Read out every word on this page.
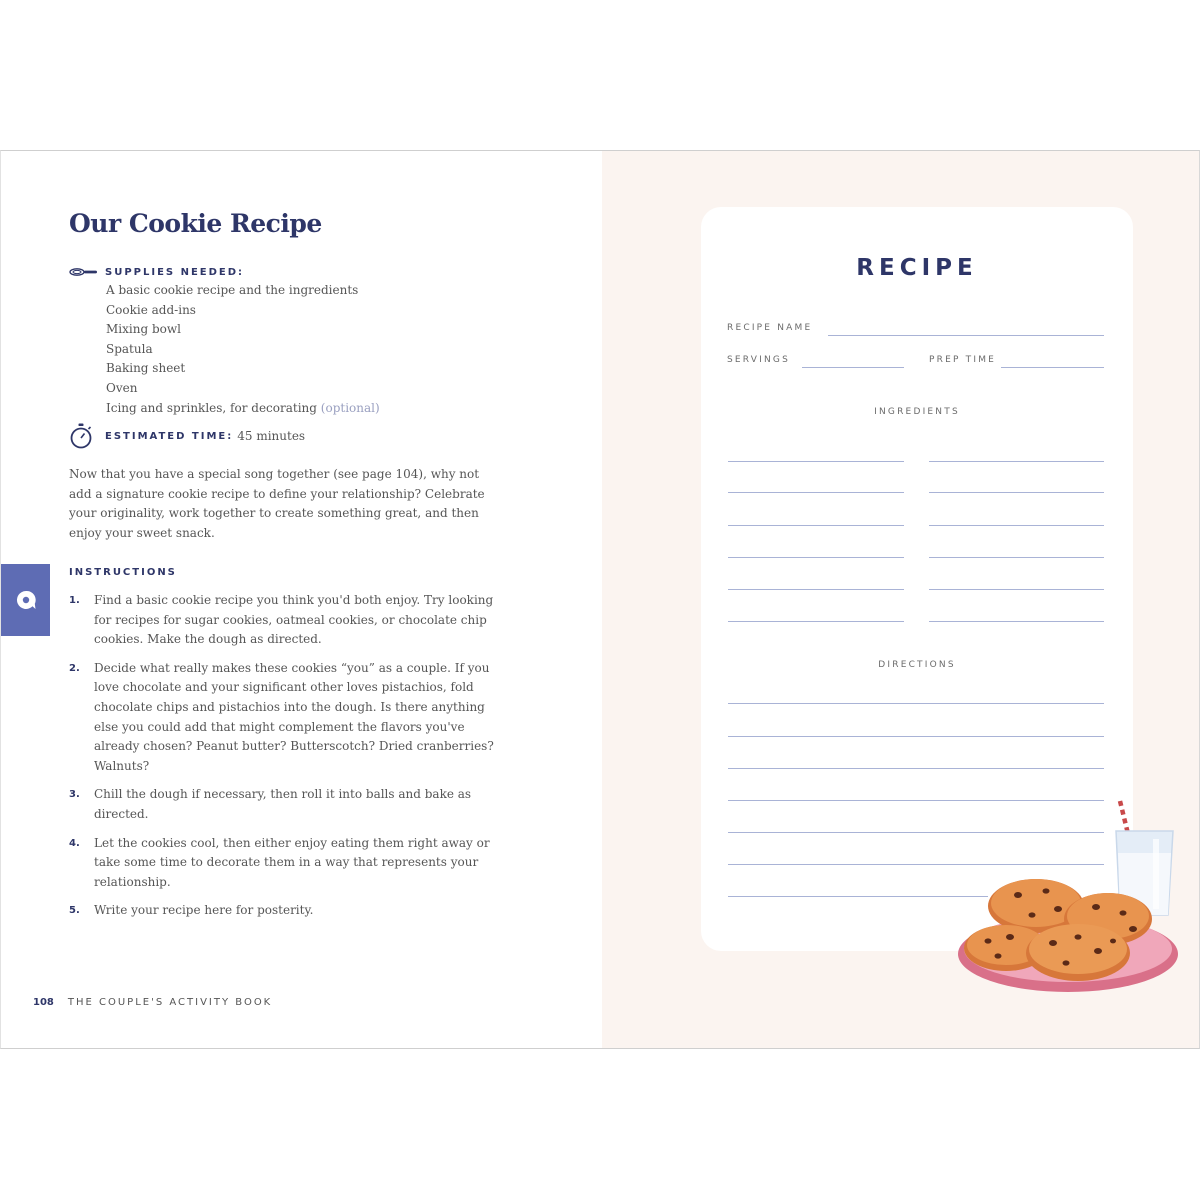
Our Cookie Recipe
SUPPLIES NEEDED:
A basic cookie recipe and the ingredients
Cookie add-ins
Mixing bowl
Spatula
Baking sheet
Oven
Icing and sprinkles, for decorating (optional)
ESTIMATED TIME: 45 minutes

Now that you have a special song together (see page 104), why not add a signature cookie recipe to define your relationship? Celebrate your originality, work together to create something great, and then enjoy your sweet snack.

INSTRUCTIONS
1. Find a basic cookie recipe you think you'd both enjoy. Try looking for recipes for sugar cookies, oatmeal cookies, or chocolate chip cookies. Make the dough as directed.
2. Decide what really makes these cookies “you” as a couple. If you love chocolate and your significant other loves pistachios, fold chocolate chips and pistachios into the dough. Is there anything else you could add that might complement the flavors you've already chosen? Peanut butter? Butterscotch? Dried cranberries? Walnuts?
3. Chill the dough if necessary, then roll it into balls and bake as directed.
4. Let the cookies cool, then either enjoy eating them right away or take some time to decorate them in a way that represents your relationship.
5. Write your recipe here for posterity.
108 THE COUPLE'S ACTIVITY BOOK
RECIPE
RECIPE NAME
SERVINGS	PREP TIME
INGREDIENTS
DIRECTIONS
